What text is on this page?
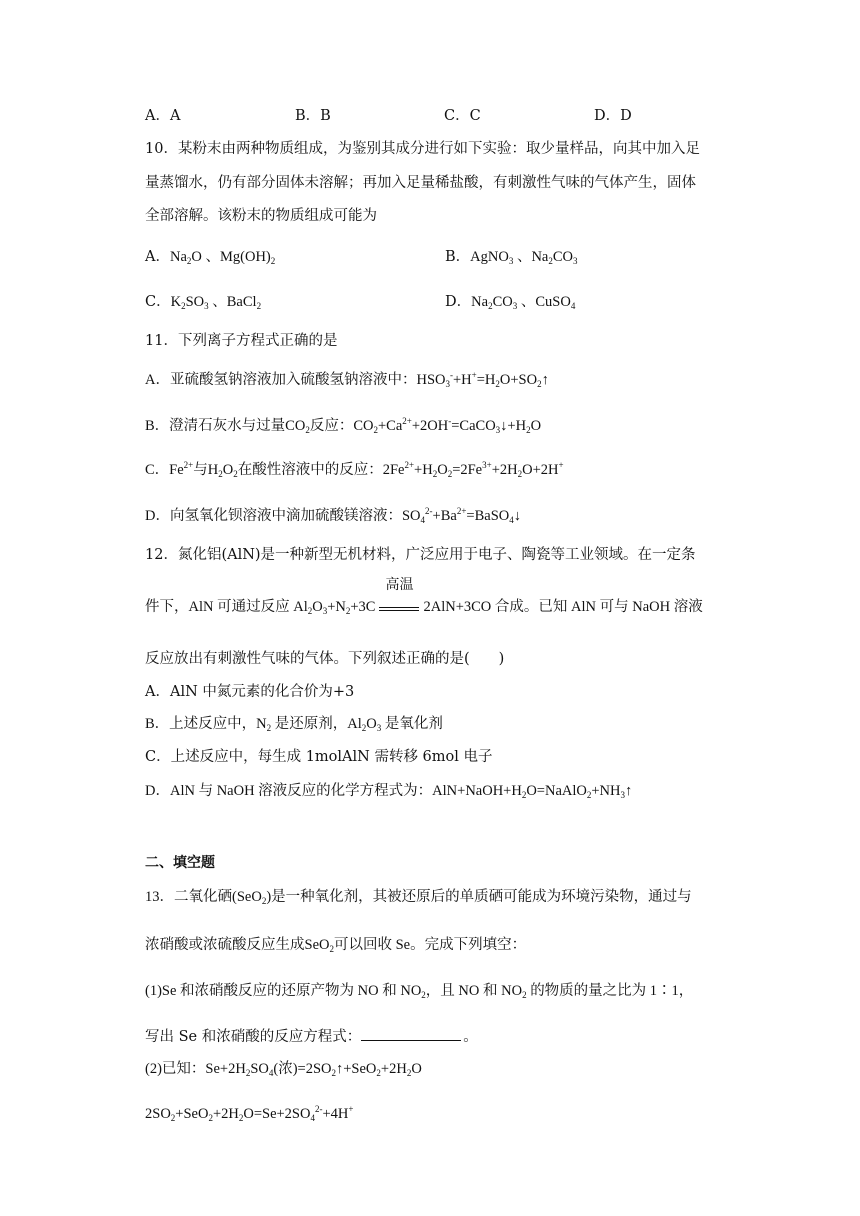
A．A	B．B	C．C	D．D
10．某粉末由两种物质组成，为鉴别其成分进行如下实验：取少量样品，向其中加入足
量蒸馏水，仍有部分固体未溶解；再加入足量稀盐酸，有刺激性气味的气体产生，固体
全部溶解。该粉末的物质组成可能为
A．$Na_2O$ 、$Mg(OH)_2$	B．AgNO$_3$ 、$Na_2CO_3$
C．$K_2SO_3$ 、BaCl$_2$	D．$Na_2CO_3$ 、CuSO$_4$
11．下列离子方程式正确的是
A．亚硫酸氢钠溶液加入硫酸氢钠溶液中：$HSO_3^-+H^+=H_2O+SO_2↑$
B．澄清石灰水与过量$CO_2$反应：$CO_2+Ca^{2+}+2OH^-=CaCO_3↓+H_2O$
C．$Fe^{2+}$与$H_2O_2$在酸性溶液中的反应：$2Fe^{2+}+H_2O_2=2Fe^{3+}+2H_2O+2H^+$
D．向氢氧化钡溶液中滴加硫酸镁溶液：$SO_4^{2-}+Ba^{2+}=BaSO_4↓$
12．氮化铝(AlN)是一种新型无机材料，广泛应用于电子、陶瓷等工业领域。在一定条
件下，AlN 可通过反应 $Al_2O_3+N_2+3C$
高温
2AlN+3CO 合成。已知 AlN 可与 NaOH 溶液
反应放出有刺激性气味的气体。下列叙述正确的是(　　)
A．AlN 中氮元素的化合价为+3
B．上述反应中，$N_2$ 是还原剂，$Al_2O_3$ 是氧化剂
C．上述反应中，每生成 1molAlN 需转移 6mol 电子
D．AlN 与 NaOH 溶液反应的化学方程式为：$AlN+NaOH+H_2O=NaAlO_2+NH_3↑$
二、填空题
13．二氧化硒(SeO$_2$)是一种氧化剂，其被还原后的单质硒可能成为环境污染物，通过与
浓硝酸或浓硫酸反应生成SeO$_2$可以回收 Se。完成下列填空：
(1)Se 和浓硝酸反应的还原产物为 NO 和 $NO_2$，且 NO 和 $NO_2$ 的物质的量之比为 1∶1，
写出 Se 和浓硝酸的反应方程式：	。
(2)已知：$Se+2H_2SO_4$(浓)$=2SO_2↑+SeO_2+2H_2O$
$2SO_2+SeO_2+2H_2O=Se+2SO_4^{2-}+4H^+$
